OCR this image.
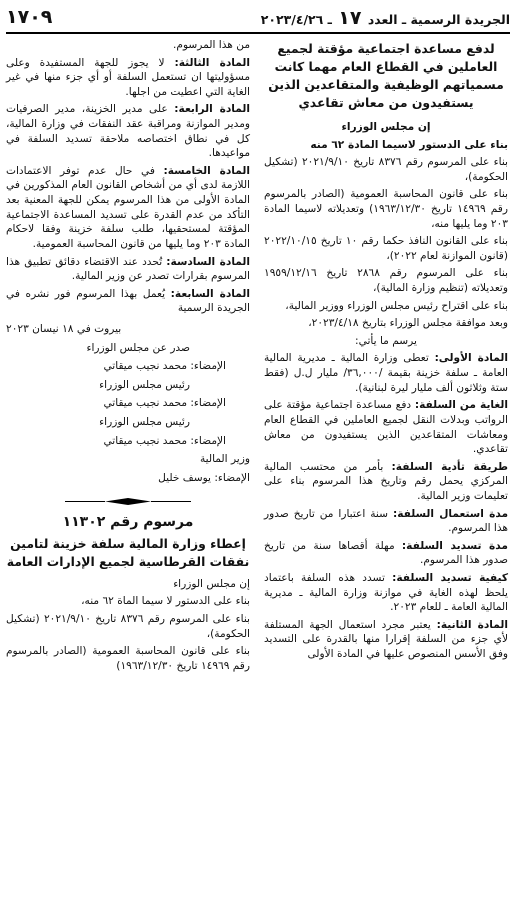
الجريدة الرسمية ـ العدد ١٧ ـ ٢٠٢٣/٤/٢٦
١٧٠٩
لدفع مساعدة اجتماعية مؤقتة لجميع العاملين في القطاع العام مهما كانت مسمياتهم الوظيفية والمتقاعدين الذين يستفيدون من معاش تقاعدي

إن مجلس الوزراء

بناء على الدستور لاسيما المادة ٦٢ منه

بناء على المرسوم رقم ٨٣٧٦ تاريخ ٢٠٢١/٩/١٠ (تشكيل الحكومة)،

بناء على قانون المحاسبة العمومية (الصادر بالمرسوم رقم ١٤٩٦٩ تاريخ ١٩٦٣/١٢/٣٠) وتعديلاته لاسيما المادة ٢٠٣ وما يليها منه،

بناء على القانون النافذ حكما رقم ١٠ تاريخ ٢٠٢٢/١٠/١٥ (قانون الموازنة لعام ٢٠٢٢)،

بناء على المرسوم رقم ٢٨٦٨ تاريخ ١٩٥٩/١٢/١٦ وتعديلاته (تنظيم وزارة المالية)،

بناء على اقتراح رئيس مجلس الوزراء ووزير المالية،

وبعد موافقة مجلس الوزراء بتاريخ ٢٠٢٣/٤/١٨،

يرسم ما يأتي:

المادة الأولى: تعطى وزارة المالية ـ مديرية المالية العامة ـ سلفة خزينة بقيمة /٣٦,٠٠٠/ مليار ل.ل (فقط ستة وثلاثون ألف مليار ليرة لبنانية).

الغاية من السلفة: دفع مساعدة اجتماعية مؤقتة على الرواتب وبدلات النقل لجميع العاملين في القطاع العام ومعاشات المتقاعدين الذين يستفيدون من معاش تقاعدي.

طريقة تأدية السلفة: بأمر من محتسب المالية المركزي يحمل رقم وتاريخ هذا المرسوم بناء على تعليمات وزير المالية.

مدة استعمال السلفة: سنة اعتبارا من تاريخ صدور هذا المرسوم.

مدة تسديد السلفة: مهلة أقصاها سنة من تاريخ صدور هذا المرسوم.

كيفية تسديد السلفة: تسدد هذه السلفة باعتماد يلحظ لهذه الغاية في موازنة وزارة المالية ـ مديرية المالية العامة ـ للعام ٢٠٢٣.

المادة الثانية: يعتبر مجرد استعمال الجهة المستلفة لأي جزء من السلفة إقرارا منها بالقدرة على التسديد وفق الأسس المنصوص عليها في المادة الأولى

من هذا المرسوم.

المادة الثالثة: لا يجوز للجهة المستفيدة وعلى مسؤوليتها ان تستعمل السلفة أو أي جزء منها في غير الغاية التي اعطيت من اجلها.

المادة الرابعة: على مدير الخزينة، مدير الصرفيات ومدير الموازنة ومراقبة عقد النفقات في وزارة المالية، كل في نطاق اختصاصه ملاحقة تسديد السلفة في مواعيدها.

المادة الخامسة: في حال عدم توفر الاعتمادات اللازمة لدى أي من أشخاص القانون العام المذكورين في المادة الأولى من هذا المرسوم يمكن للجهة المعنية بعد التأكد من عدم القدرة على تسديد المساعدة الاجتماعية المؤقتة لمستحقيها، طلب سلفة خزينة وفقا لاحكام المادة ٢٠٣ وما يليها من قانون المحاسبة العمومية.

المادة السادسة: تُحدد عند الاقتضاء دقائق تطبيق هذا المرسوم بقرارات تصدر عن وزير المالية.

المادة السابعة: يُعمل بهذا المرسوم فور نشره في الجريدة الرسمية

بيروت في ١٨ نيسان ٢٠٢٣

صدر عن مجلس الوزراء

الإمضاء: محمد نجيب ميقاتي

رئيس مجلس الوزراء

الإمضاء: محمد نجيب ميقاتي

رئيس مجلس الوزراء

الإمضاء: محمد نجيب ميقاتي

وزير المالية

الإمضاء: يوسف خليل

مرسوم رقم ١١٣٠٢
إعطاء وزارة المالية سلفة خزينة لتامين نفقات القرطاسية لجميع الإدارات العامة

إن مجلس الوزراء

بناء على الدستور لا سيما الماة ٦٢ منه،

بناء على المرسوم رقم ٨٣٧٦ تاريخ ٢٠٢١/٩/١٠ (تشكيل الحكومة)،

بناء على قانون المحاسبة العمومية (الصادر بالمرسوم رقم ١٤٩٦٩ تاريخ ١٩٦٣/١٢/٣٠)
